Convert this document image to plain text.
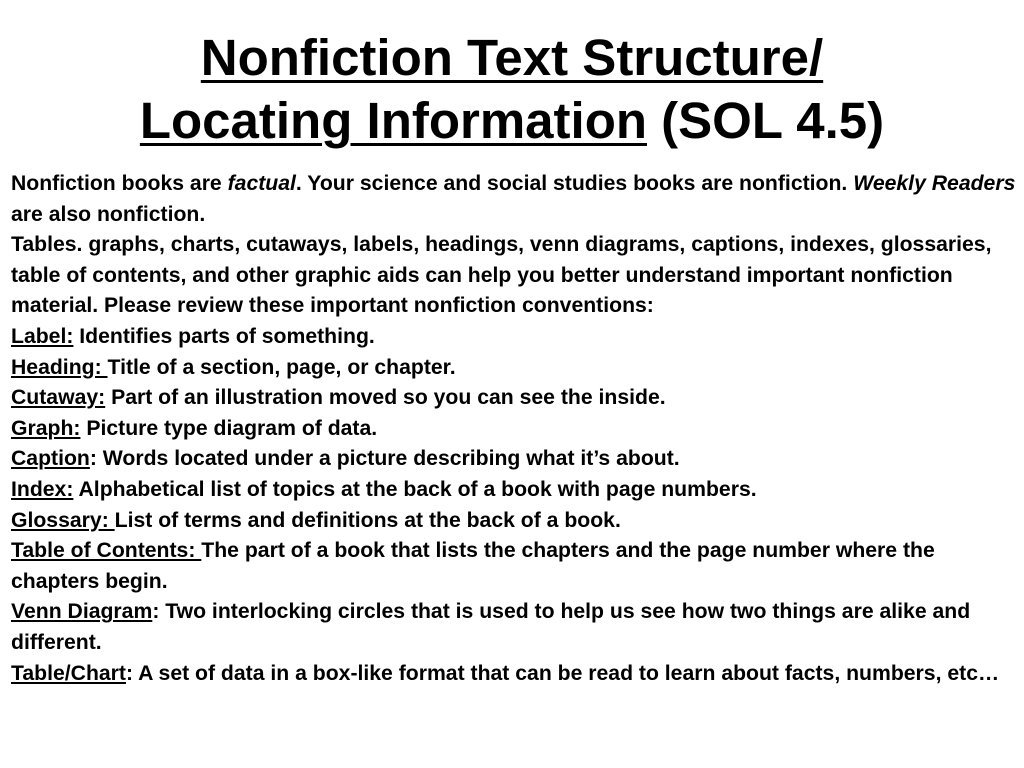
Nonfiction Text Structure/
Locating Information (SOL 4.5)

Nonfiction books are factual. Your science and social studies books are nonfiction. Weekly Readers are also nonfiction.

Tables. graphs, charts, cutaways, labels, headings, venn diagrams, captions, indexes, glossaries, table of contents, and other graphic aids can help you better understand important nonfiction material. Please review these important nonfiction conventions:

Label: Identifies parts of something.

Heading: Title of a section, page, or chapter.

Cutaway: Part of an illustration moved so you can see the inside.

Graph: Picture type diagram of data.

Caption: Words located under a picture describing what it’s about.

Index: Alphabetical list of topics at the back of a book with page numbers.

Glossary: List of terms and definitions at the back of a book.

Table of Contents: The part of a book that lists the chapters and the page number where the chapters begin.

Venn Diagram: Two interlocking circles that is used to help us see how two things are alike and different.

Table/Chart: A set of data in a box-like format that can be read to learn about facts, numbers, etc…
